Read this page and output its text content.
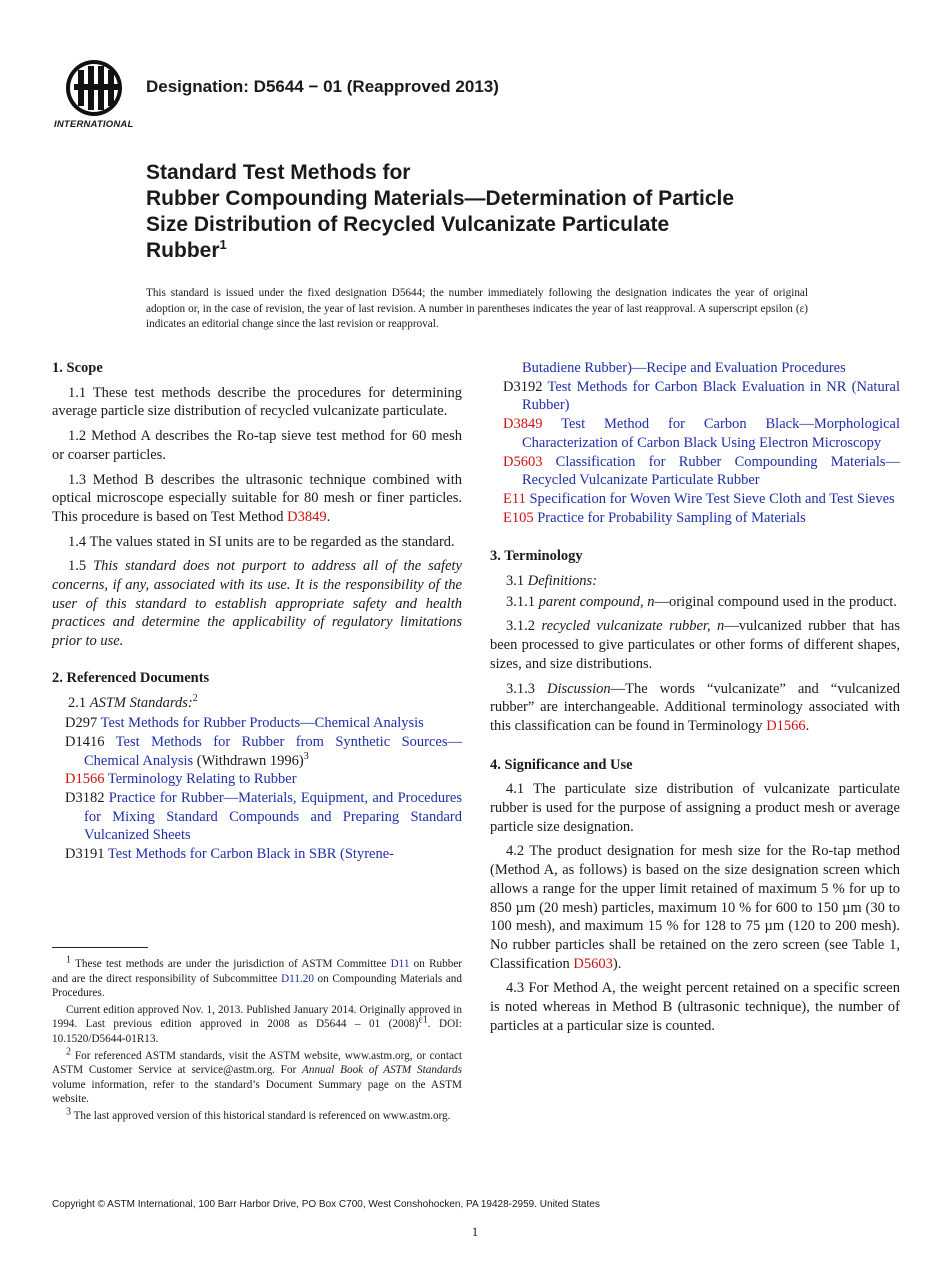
INTERNATIONAL
Designation: D5644 − 01 (Reapproved 2013)
Standard Test Methods for
Rubber Compounding Materials—Determination of Particle
Size Distribution of Recycled Vulcanizate Particulate
Rubber$^1$
This standard is issued under the fixed designation D5644; the number immediately following the designation indicates the year of original adoption or, in the case of revision, the year of last revision. A number in parentheses indicates the year of last reapproval. A superscript epsilon (ε) indicates an editorial change since the last revision or reapproval.
1. Scope
1.1 These test methods describe the procedures for determining average particle size distribution of recycled vulcanizate particulate.
1.2 Method A describes the Ro-tap sieve test method for 60 mesh or coarser particles.
1.3 Method B describes the ultrasonic technique combined with optical microscope especially suitable for 80 mesh or finer particles. This procedure is based on Test Method D3849.
1.4 The values stated in SI units are to be regarded as the standard.
1.5 This standard does not purport to address all of the safety concerns, if any, associated with its use. It is the responsibility of the user of this standard to establish appropriate safety and health practices and determine the applicability of regulatory limitations prior to use.
2. Referenced Documents
2.1 ASTM Standards:$^2$
D297 Test Methods for Rubber Products—Chemical Analysis
D1416 Test Methods for Rubber from Synthetic Sources—Chemical Analysis (Withdrawn 1996)$^3$
D1566 Terminology Relating to Rubber
D3182 Practice for Rubber—Materials, Equipment, and Procedures for Mixing Standard Compounds and Preparing Standard Vulcanized Sheets
D3191 Test Methods for Carbon Black in SBR (Styrene-
$^1$ These test methods are under the jurisdiction of ASTM Committee D11 on Rubber and are the direct responsibility of Subcommittee D11.20 on Compounding Materials and Procedures.
Current edition approved Nov. 1, 2013. Published January 2014. Originally approved in 1994. Last previous edition approved in 2008 as D5644 – 01 $(2008)^{\varepsilon 1}$. DOI: 10.1520/D5644-01R13.
$^2$ For referenced ASTM standards, visit the ASTM website, www.astm.org, or contact ASTM Customer Service at service@astm.org. For Annual Book of ASTM Standards volume information, refer to the standard’s Document Summary page on the ASTM website.
$^3$ The last approved version of this historical standard is referenced on www.astm.org.
Butadiene Rubber)—Recipe and Evaluation Procedures
D3192 Test Methods for Carbon Black Evaluation in NR (Natural Rubber)
D3849 Test Method for Carbon Black—Morphological Characterization of Carbon Black Using Electron Microscopy
D5603 Classification for Rubber Compounding Materials—Recycled Vulcanizate Particulate Rubber
E11 Specification for Woven Wire Test Sieve Cloth and Test Sieves
E105 Practice for Probability Sampling of Materials
3. Terminology
3.1 Definitions:
3.1.1 parent compound, n—original compound used in the product.
3.1.2 recycled vulcanizate rubber, n—vulcanized rubber that has been processed to give particulates or other forms of different shapes, sizes, and size distributions.
3.1.3 Discussion—The words “vulcanizate” and “vulcanized rubber” are interchangeable. Additional terminology associated with this classification can be found in Terminology D1566.
4. Significance and Use
4.1 The particulate size distribution of vulcanizate particulate rubber is used for the purpose of assigning a product mesh or average particle size designation.
4.2 The product designation for mesh size for the Ro-tap method (Method A, as follows) is based on the size designation screen which allows a range for the upper limit retained of maximum 5 % for up to 850 µm (20 mesh) particles, maximum 10 % for 600 to 150 µm (30 to 100 mesh), and maximum 15 % for 128 to 75 µm (120 to 200 mesh). No rubber particles shall be retained on the zero screen (see Table 1, Classification D5603).
4.3 For Method A, the weight percent retained on a specific screen is noted whereas in Method B (ultrasonic technique), the number of particles at a particular size is counted.
Copyright © ASTM International, 100 Barr Harbor Drive, PO Box C700, West Conshohocken, PA 19428-2959. United States
1
